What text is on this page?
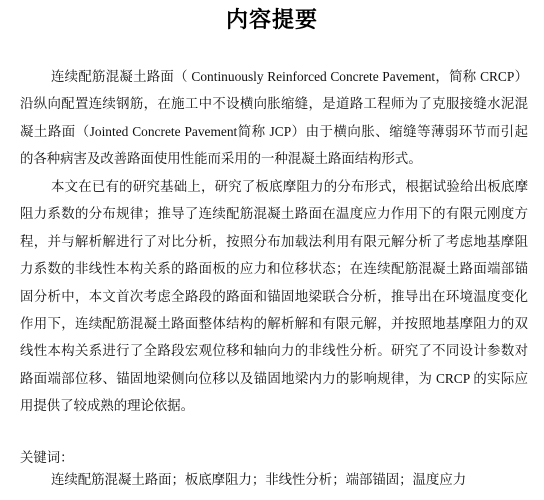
内容提要
连续配筋混凝土路面（ Continuously Reinforced Concrete Pavement，简称 CRCP）
沿纵向配置连续钢筋，在施工中不设横向胀缩缝，是道路工程师为了克服接缝水泥混
凝土路面（Jointed Concrete Pavement简称 JCP）由于横向胀、缩缝等薄弱环节而引起
的各种病害及改善路面使用性能而采用的一种混凝土路面结构形式。
本文在已有的研究基础上，研究了板底摩阻力的分布形式，根据试验给出板底摩
阻力系数的分布规律；推导了连续配筋混凝土路面在温度应力作用下的有限元刚度方
程，并与解析解进行了对比分析，按照分布加载法利用有限元解分析了考虑地基摩阻
力系数的非线性本构关系的路面板的应力和位移状态；在连续配筋混凝土路面端部锚
固分析中，本文首次考虑全路段的路面和锚固地梁联合分析，推导出在环境温度变化
作用下，连续配筋混凝土路面整体结构的解析解和有限元解，并按照地基摩阻力的双
线性本构关系进行了全路段宏观位移和轴向力的非线性分析。研究了不同设计参数对
路面端部位移、锚固地梁侧向位移以及锚固地梁内力的影响规律，为 CRCP 的实际应
用提供了较成熟的理论依据。
关键词：
连续配筋混凝土路面 ； 板底摩阻力 ； 非线性分析 ； 端部锚固 ； 温度应力
